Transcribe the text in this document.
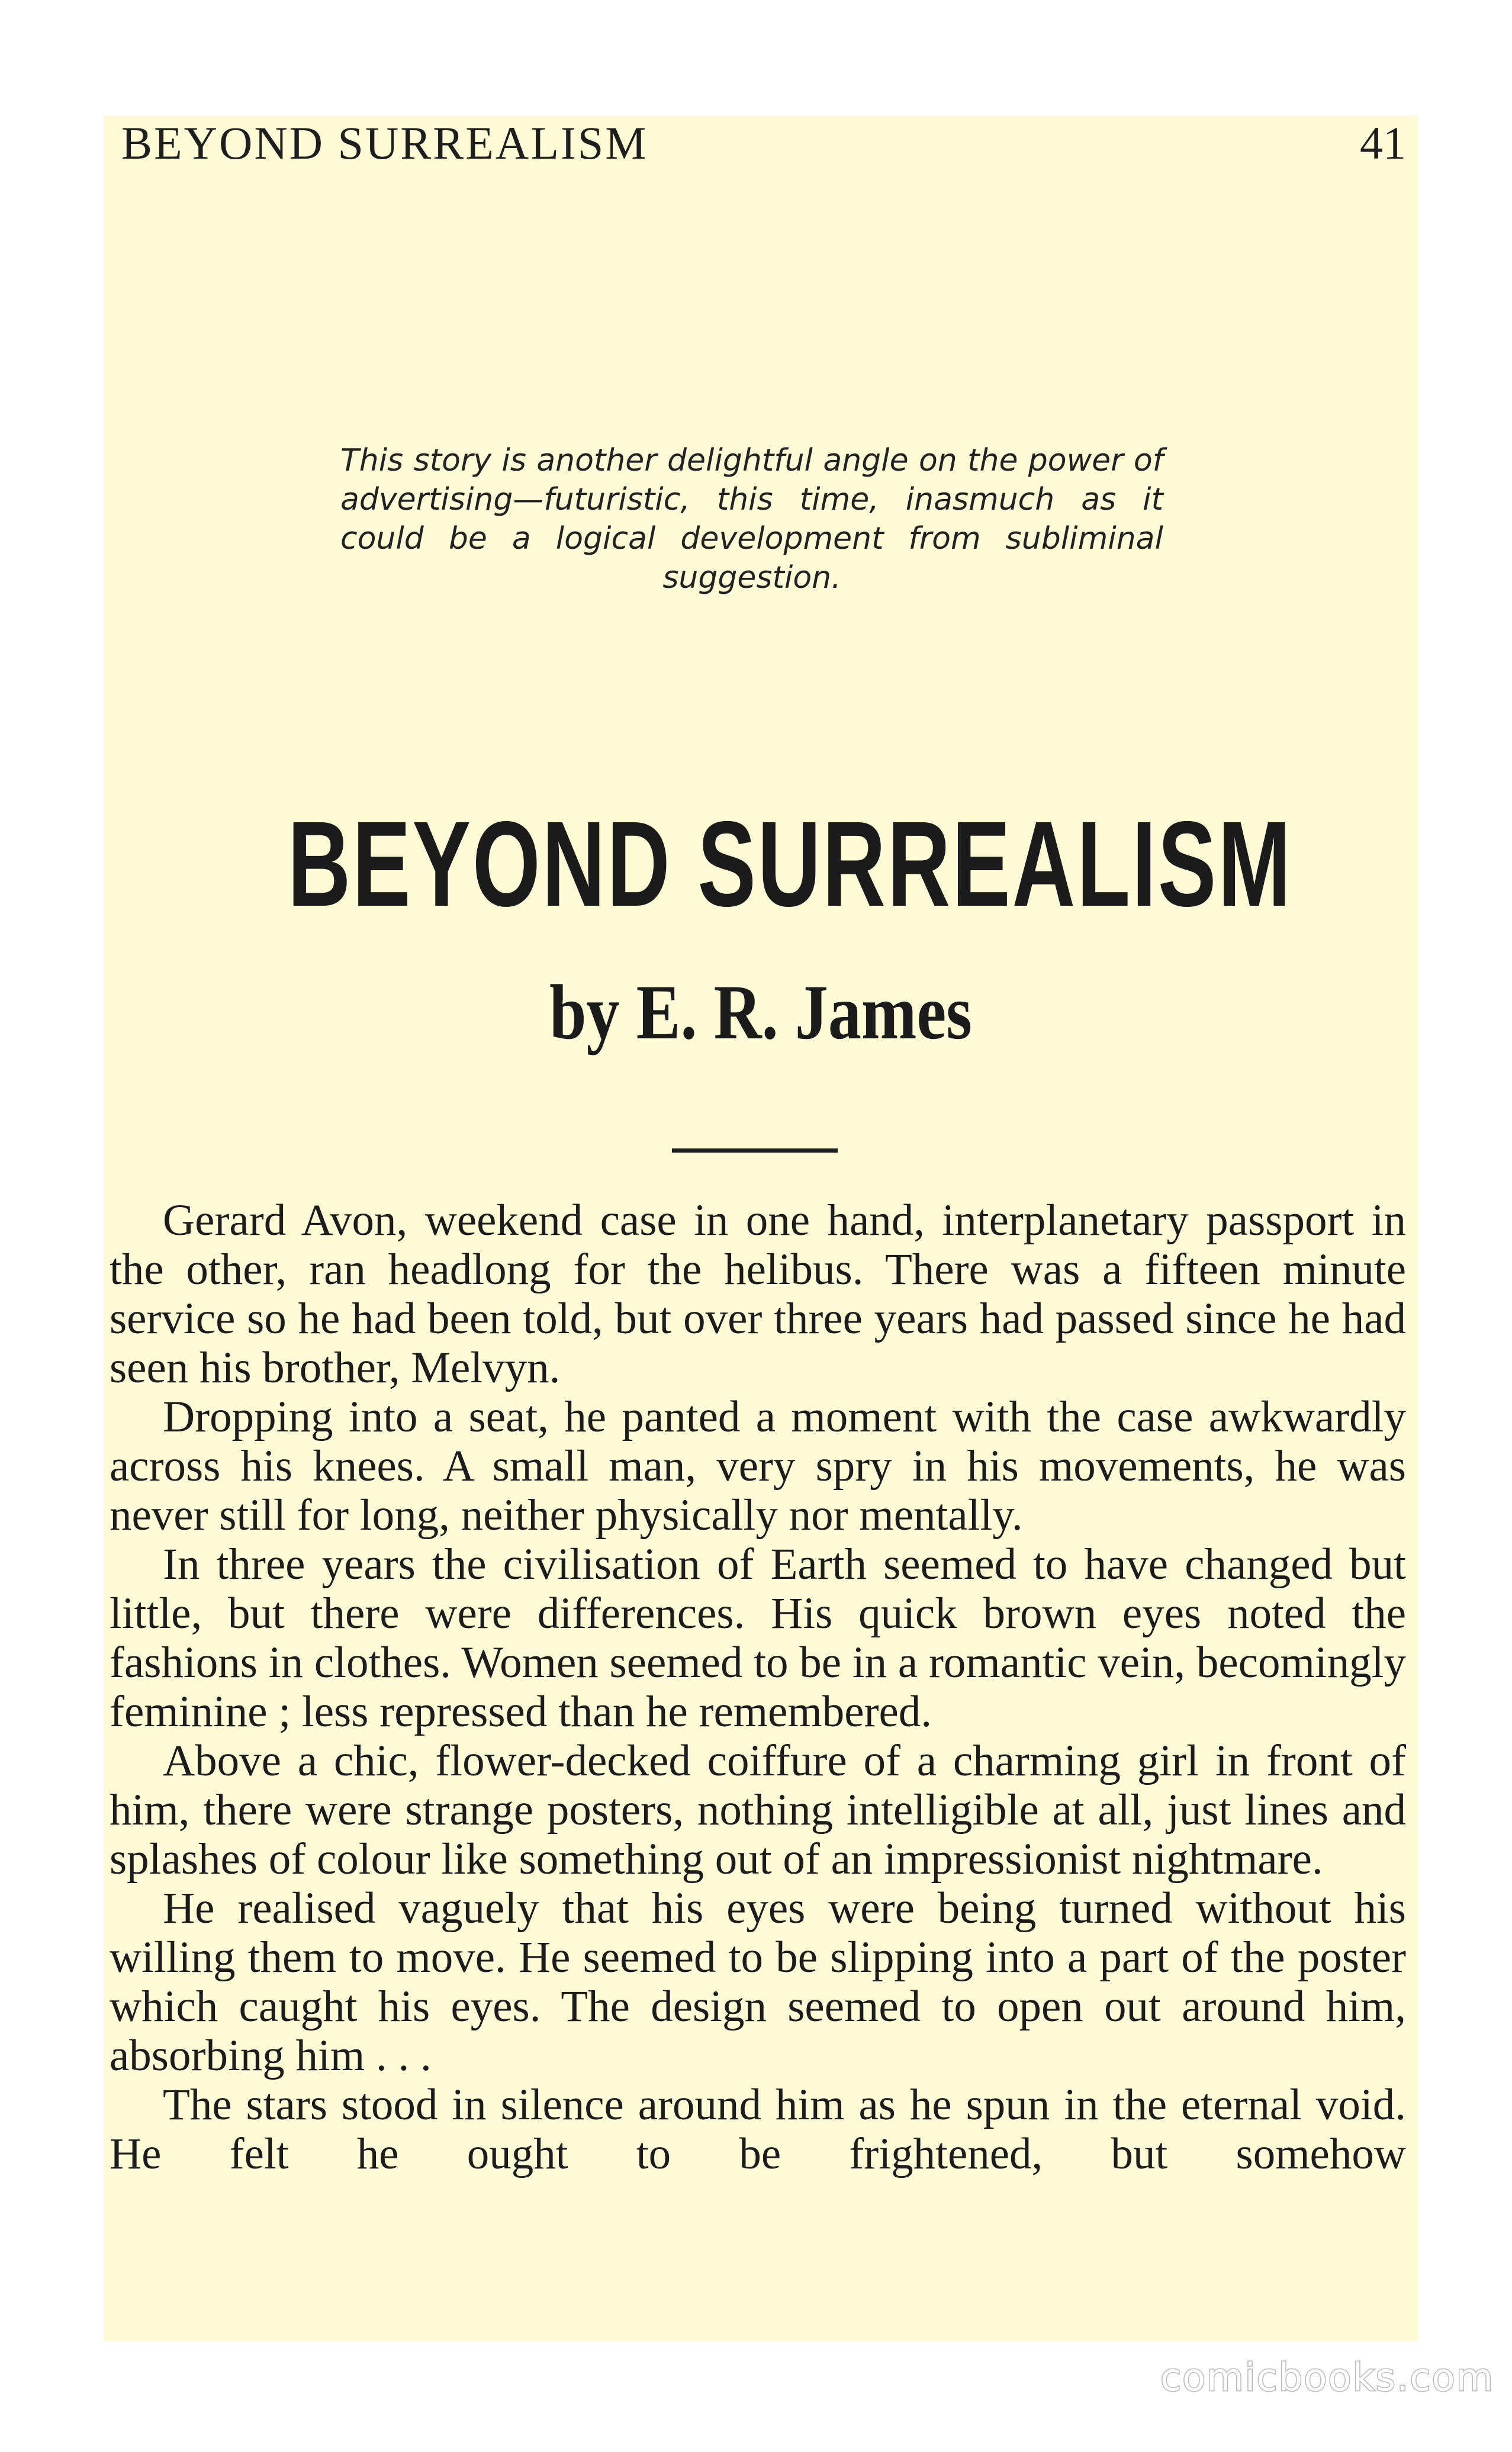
BEYOND SURREALISM	41
This story is another delightful angle on the power of advertising—futuristic, this time, inasmuch as it could be a logical development from subliminal suggestion.
BEYOND SURREALISM
by E. R. James

Gerard Avon, weekend case in one hand, interplanetary passport in the other, ran headlong for the helibus. There was a fifteen minute service so he had been told, but over three years had passed since he had seen his brother, Melvyn.

Dropping into a seat, he panted a moment with the case awkwardly across his knees. A small man, very spry in his movements, he was never still for long, neither physically nor mentally.

In three years the civilisation of Earth seemed to have changed but little, but there were differences. His quick brown eyes noted the fashions in clothes. Women seemed to be in a romantic vein, becomingly feminine ; less repressed than he remembered.

Above a chic, flower-decked coiffure of a charming girl in front of him, there were strange posters, nothing intelligible at all, just lines and splashes of colour like something out of an impressionist nightmare.

He realised vaguely that his eyes were being turned without his willing them to move. He seemed to be slipping into a part of the poster which caught his eyes. The design seemed to open out around him, absorbing him . . .

The stars stood in silence around him as he spun in the eternal void. He felt he ought to be frightened, but somehow

comicbooks.com
